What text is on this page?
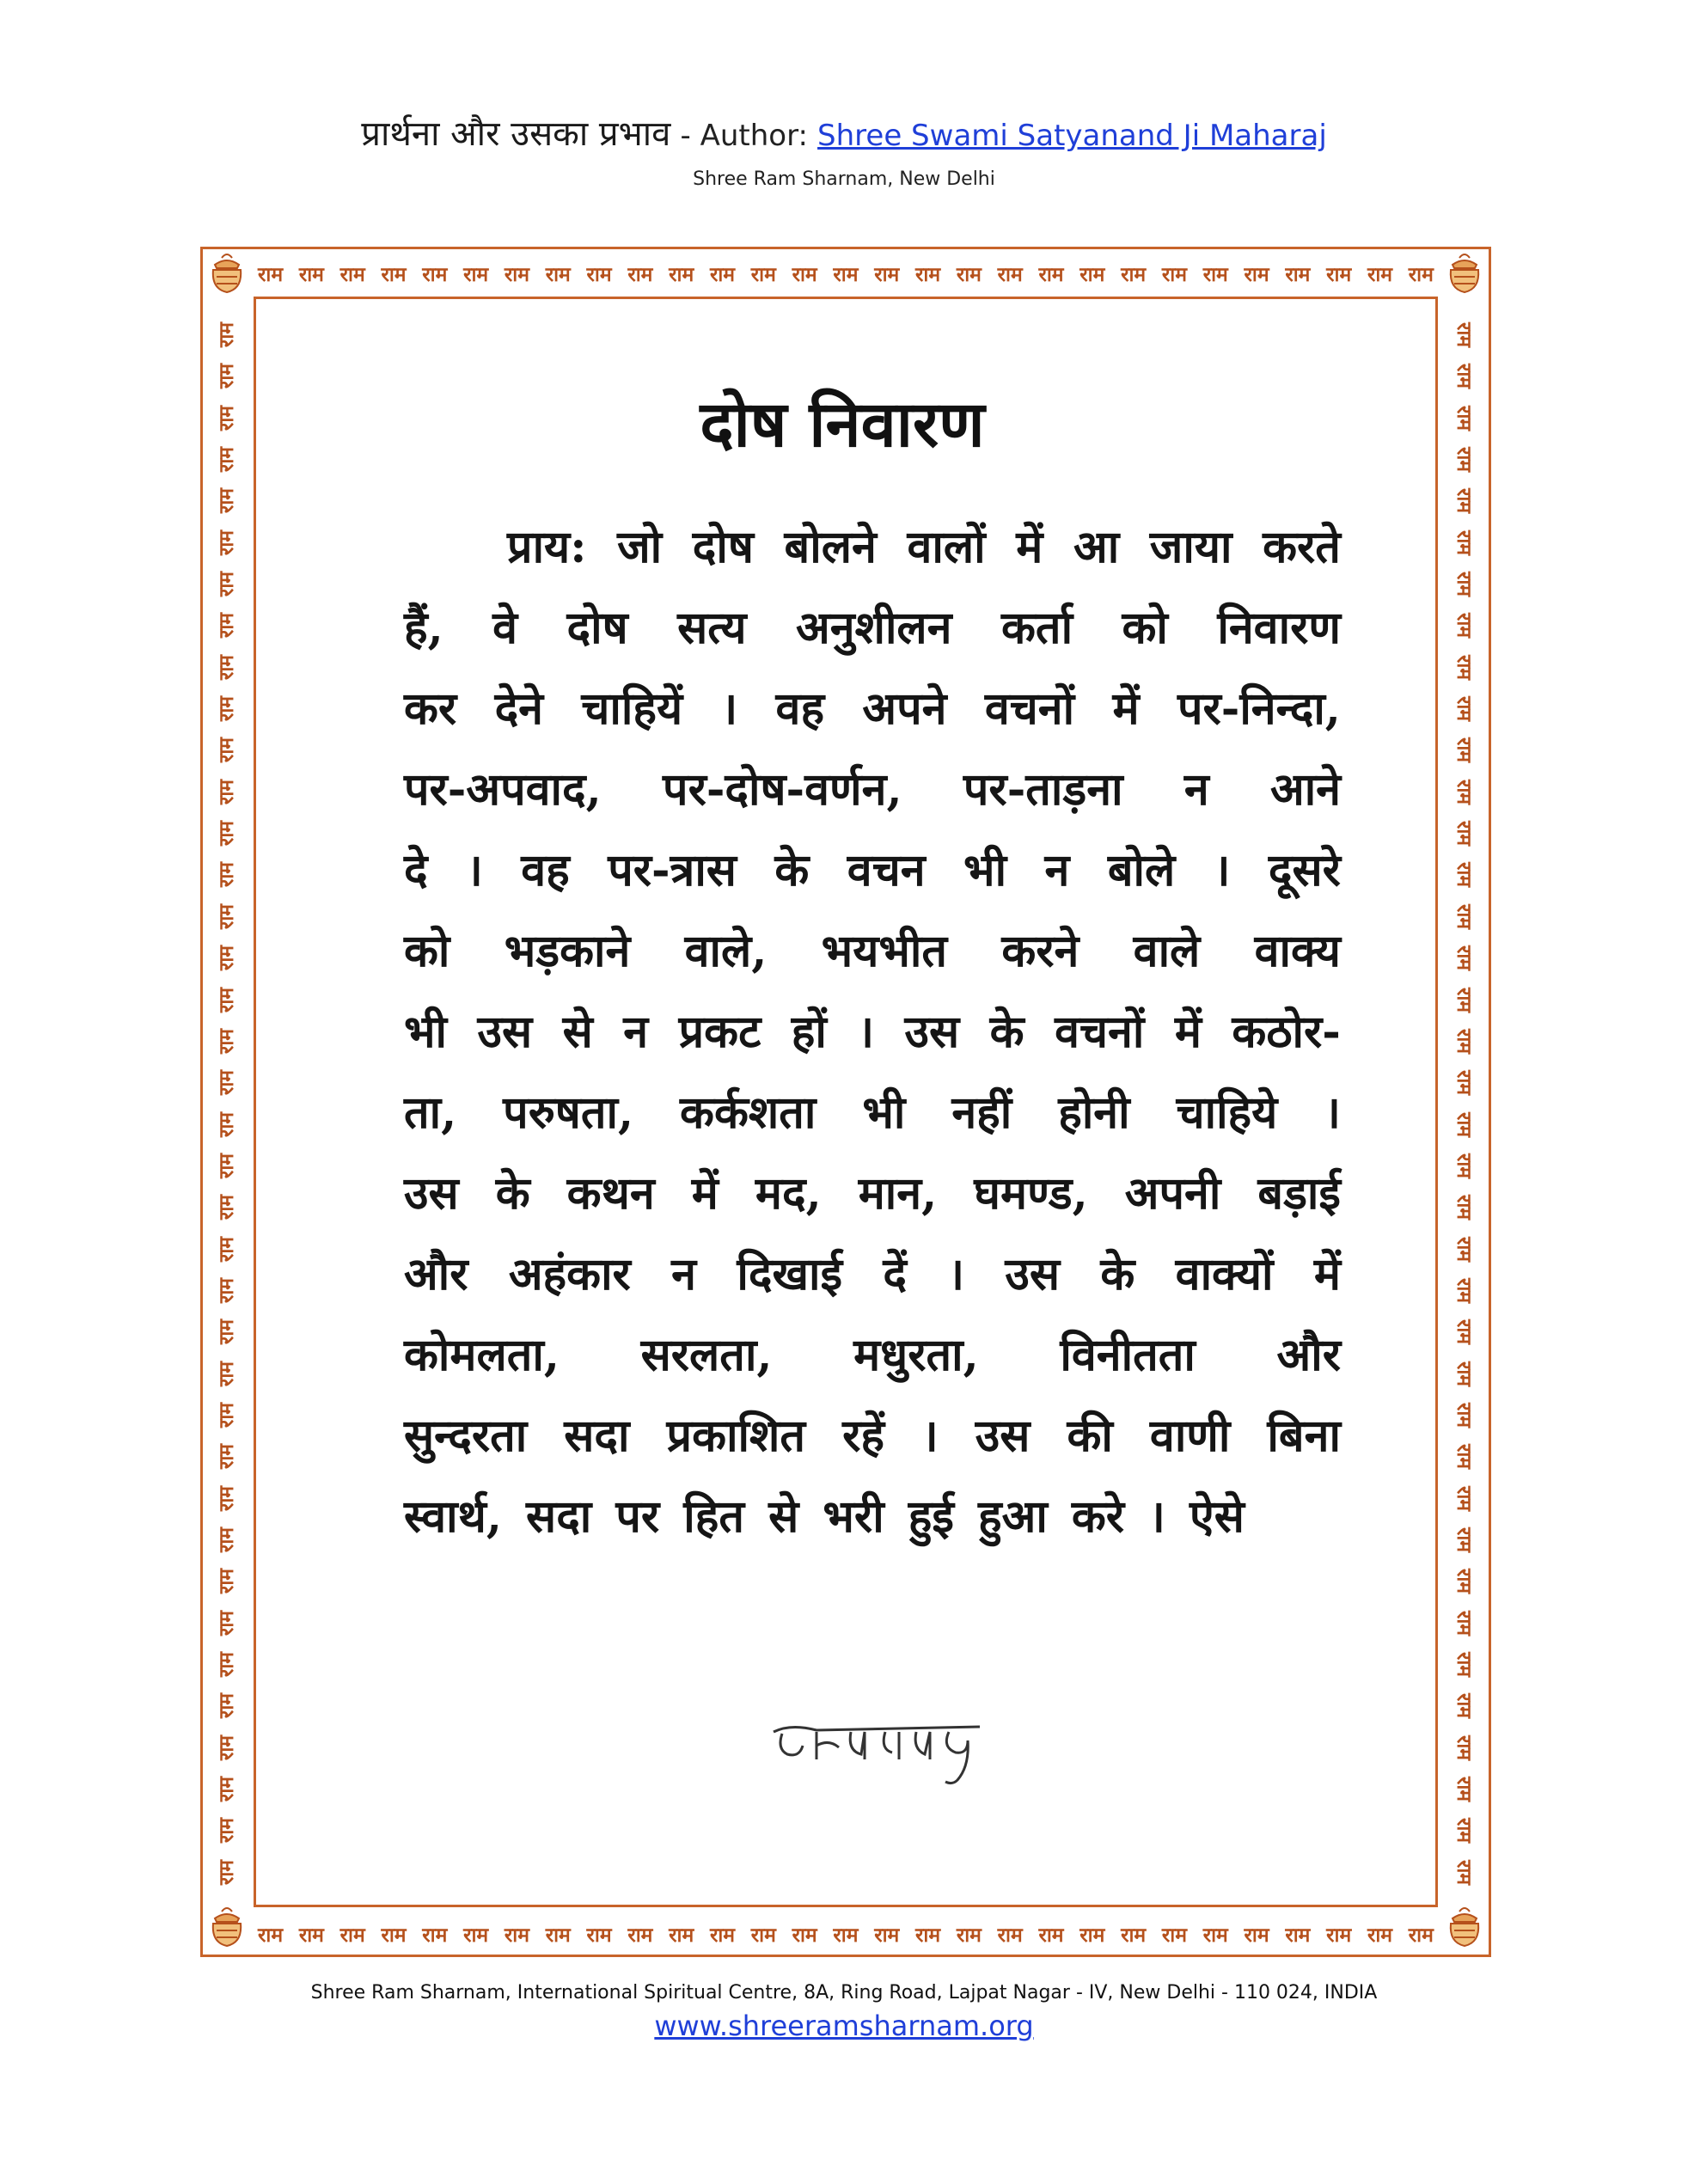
प्रार्थना और उसका प्रभाव - Author: Shree Swami Satyanand Ji Maharaj
Shree Ram Sharnam, New Delhi
राम राम राम राम राम राम राम राम राम राम राम राम राम राम राम राम राम राम राम राम राम राम राम राम राम राम राम राम राम
राम राम राम राम राम राम राम राम राम राम राम राम राम राम राम राम राम राम राम राम राम राम राम राम राम राम राम राम राम
राम
राम
राम
राम
राम
राम
राम
राम
राम
राम
राम
राम
राम
राम
राम
राम
राम
राम
राम
राम
राम
राम
राम
राम
राम
राम
राम
राम
राम
राम
राम
राम
राम
राम
राम
राम
राम
राम
राम
राम
राम
राम
राम
राम
राम
राम
राम
राम
राम
राम
राम
राम
राम
राम
राम
राम
राम
राम
राम
राम
राम
राम
राम
राम
राम
राम
राम
राम
राम
राम
राम
राम
राम
राम
राम
राम
दोष निवारण
प्राय: जो दोष बोलने वालों में आ जाया करते
हैं, वे दोष सत्य अनुशीलन कर्ता को निवारण
कर देने चाहियें । वह अपने वचनों में पर-निन्दा,
पर-अपवाद, पर-दोष-वर्णन, पर-ताड़ना न आने
दे । वह पर-त्रास के वचन भी न बोले । दूसरे
को भड़काने वाले, भयभीत करने वाले वाक्य
भी उस से न प्रकट हों । उस के वचनों में कठोर-
ता, परुषता, कर्कशता भी नहीं होनी चाहिये ।
उस के कथन में मद, मान, घमण्ड, अपनी बड़ाई
और अहंकार न दिखाई दें । उस के वाक्यों में
कोमलता, सरलता, मधुरता, विनीतता और
सुन्दरता सदा प्रकाशित रहें । उस की वाणी बिना
स्वार्थ, सदा पर हित से भरी हुई हुआ करे । ऐसे
Shree Ram Sharnam, International Spiritual Centre, 8A, Ring Road, Lajpat Nagar - IV, New Delhi - 110 024, INDIA
www.shreeramsharnam.org
